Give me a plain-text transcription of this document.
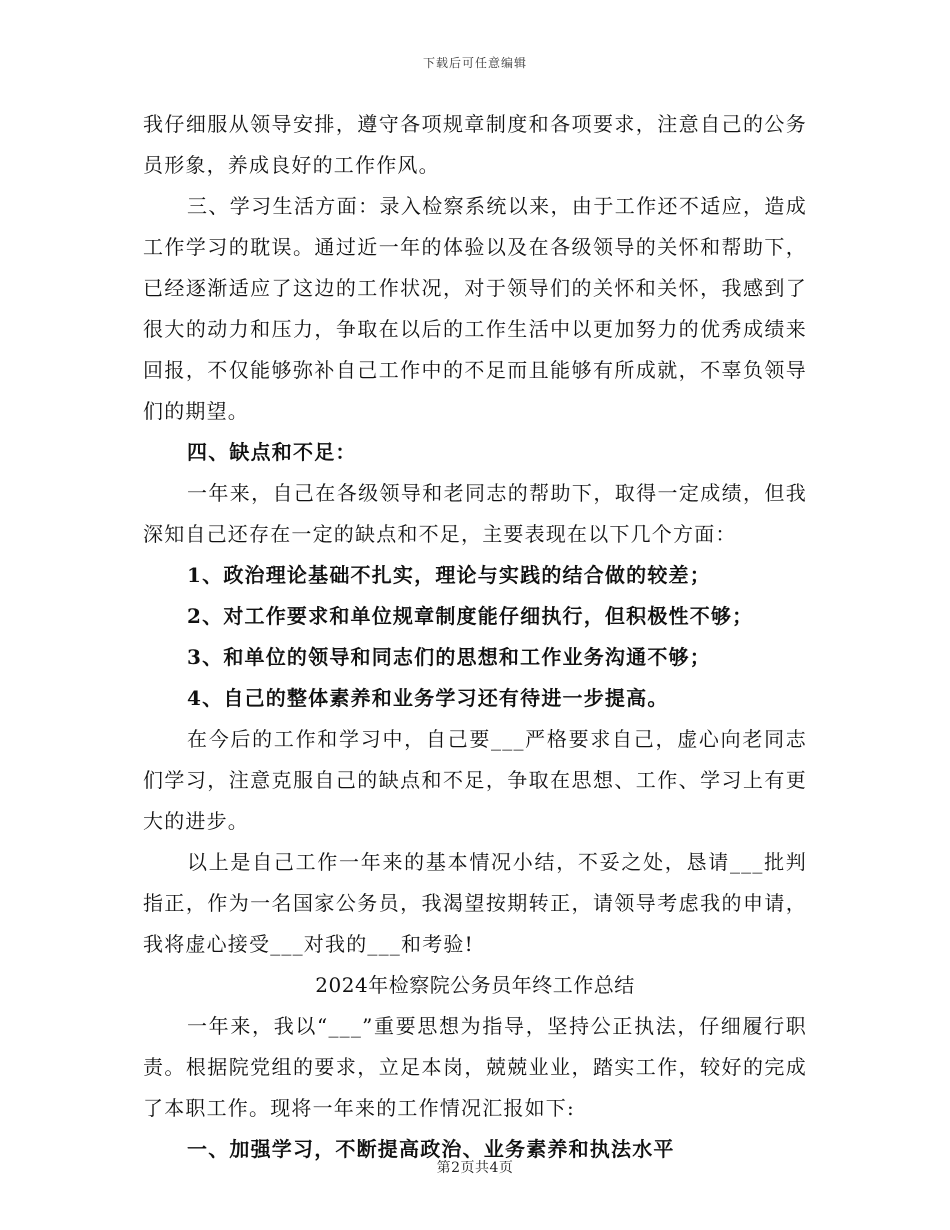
下载后可任意编辑

我仔细服从领导安排，遵守各项规章制度和各项要求，注意自己的公务员形象，养成良好的工作作风。

三、学习生活方面：录入检察系统以来，由于工作还不适应，造成工作学习的耽误。通过近一年的体验以及在各级领导的关怀和帮助下，已经逐渐适应了这边的工作状况，对于领导们的关怀和关怀，我感到了很大的动力和压力，争取在以后的工作生活中以更加努力的优秀成绩来回报，不仅能够弥补自己工作中的不足而且能够有所成就，不辜负领导们的期望。

四、缺点和不足：

一年来，自己在各级领导和老同志的帮助下，取得一定成绩，但我深知自己还存在一定的缺点和不足，主要表现在以下几个方面：

1、政治理论基础不扎实，理论与实践的结合做的较差；

2、对工作要求和单位规章制度能仔细执行，但积极性不够；

3、和单位的领导和同志们的思想和工作业务沟通不够；

4、自己的整体素养和业务学习还有待进一步提高。

在今后的工作和学习中，自己要___严格要求自己，虚心向老同志们学习，注意克服自己的缺点和不足，争取在思想、工作、学习上有更大的进步。

以上是自己工作一年来的基本情况小结，不妥之处，恳请___批判指正，作为一名国家公务员，我渴望按期转正，请领导考虑我的申请，我将虚心接受___对我的___和考验!

2024年检察院公务员年终工作总结

一年来，我以“___”重要思想为指导，坚持公正执法，仔细履行职责。根据院党组的要求，立足本岗，兢兢业业，踏实工作，较好的完成了本职工作。现将一年来的工作情况汇报如下:

一、加强学习，不断提高政治、业务素养和执法水平

第2页共4页
